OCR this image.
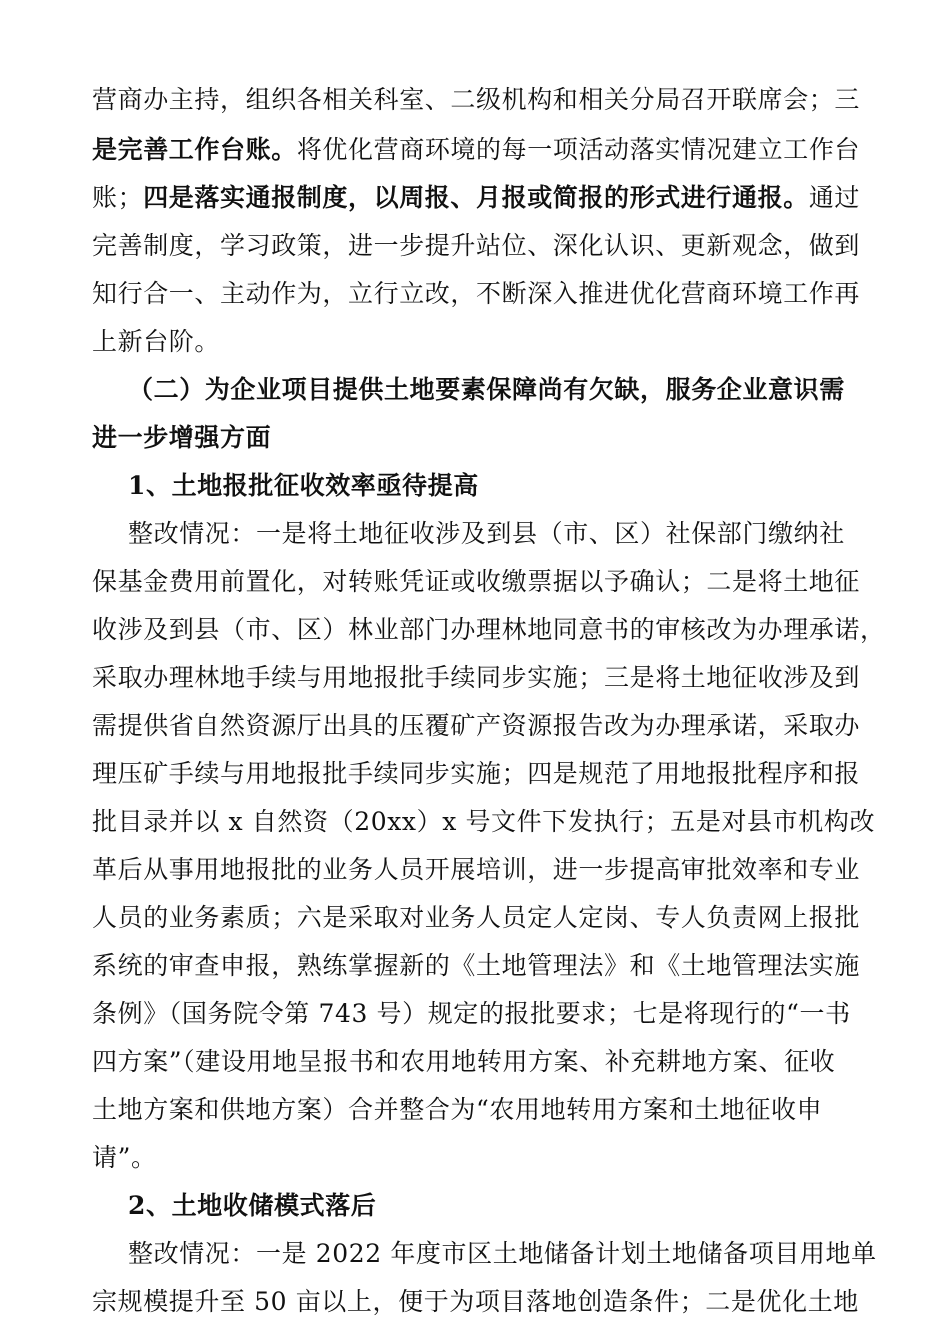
营商办主持，组织各相关科室、二级机构和相关分局召开联席会；三
是完善工作台账。将优化营商环境的每一项活动落实情况建立工作台
账；四是落实通报制度，以周报、月报或简报的形式进行通报。通过
完善制度，学习政策，进一步提升站位、深化认识、更新观念，做到
知行合一、主动作为，立行立改，不断深入推进优化营商环境工作再
上新台阶。
（二）为企业项目提供土地要素保障尚有欠缺，服务企业意识需
进一步增强方面
1、土地报批征收效率亟待提高
整改情况：一是将土地征收涉及到县（市、区）社保部门缴纳社
保基金费用前置化，对转账凭证或收缴票据以予确认；二是将土地征
收涉及到县（市、区）林业部门办理林地同意书的审核改为办理承诺，
采取办理林地手续与用地报批手续同步实施；三是将土地征收涉及到
需提供省自然资源厅出具的压覆矿产资源报告改为办理承诺，采取办
理压矿手续与用地报批手续同步实施；四是规范了用地报批程序和报
批目录并以 x 自然资（20xx）x 号文件下发执行；五是对县市机构改
革后从事用地报批的业务人员开展培训，进一步提高审批效率和专业
人员的业务素质；六是采取对业务人员定人定岗、专人负责网上报批
系统的审查申报，熟练掌握新的《土地管理法》和《土地管理法实施
条例》（国务院令第 743 号）规定的报批要求；七是将现行的“一书
四方案”（建设用地呈报书和农用地转用方案、补充耕地方案、征收
土地方案和供地方案）合并整合为“农用地转用方案和土地征收申
请”。
2、土地收储模式落后
整改情况：一是 2022 年度市区土地储备计划土地储备项目用地单
宗规模提升至 50 亩以上，便于为项目落地创造条件；二是优化土地
